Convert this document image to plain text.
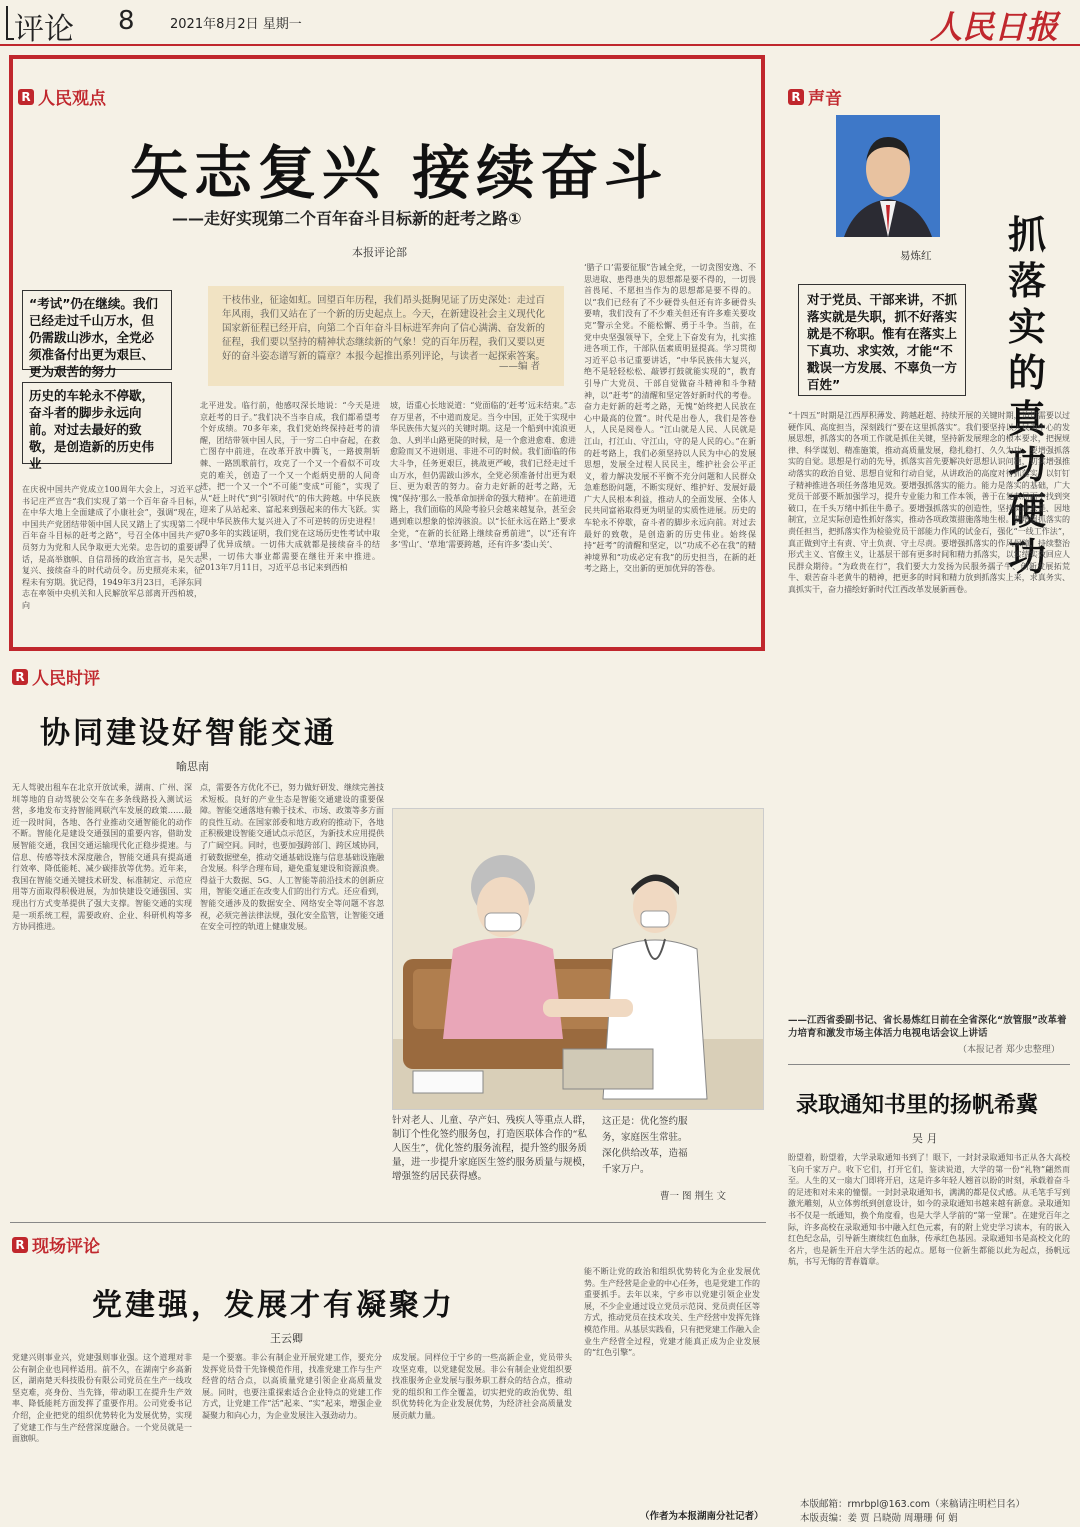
评论 8	2021年8月2日 星期一	人民日报
R 人民观点
矢志复兴 接续奋斗
——走好实现第二个百年奋斗目标新的赶考之路①
本报评论部
“考试”仍在继续。我们已经走过千山万水，但仍需跋山涉水，全党必须准备付出更为艰巨、更为艰苦的努力
历史的车轮永不停歇，奋斗者的脚步永远向前。对过去最好的致敬，是创造新的历史伟业
干枝伟业，征途如虹。回望百年历程，我们昂头挺胸见证了历史深处：走过百年风雨，我们又站在了一个新的历史起点上。今天，在新建设社会主义现代化国家新征程已经开启，向第二个百年奋斗目标进军奔向了信心满满、奋发新的征程，我们要以坚持的精神状态继续新的气象！党的百年历程，我们又要以更好的奋斗姿态谱写新的篇章？本报今起推出系列评论，与读者一起探索答案。
——编 者
在庆祝中国共产党成立100周年大会上，习近平总书记庄严宣告“我们实现了第一个百年奋斗目标，在中华大地上全面建成了小康社会”，强调“现在，中国共产党团结带领中国人民又踏上了实现第二个百年奋斗目标的赶考之路”，号召全体中国共产党员努力为党和人民争取更大光荣。忠告切的重要讲话，是高举旗帜、自信昂扬的政治宣言书，是矢志复兴、接续奋斗的时代动员令。历史照亮未来，征程未有穷期。犹记得，1949年3月23日，毛泽东同志在率领中央机关和人民解放军总部离开西柏坡，向
北平进发。临行前，他感叹深长地说：“今天是进京赶考的日子。”我们决不当李自成，我们都希望考个好成绩。70多年来，我们党始终保持赶考的清醒，团结带领中国人民，于一穷二白中奋起，在救亡图存中前进，在改革开放中腾飞，一路披荆斩棘、一路凯歌前行，攻克了一个又一个看似不可攻克的难关，创造了一个又一个彪炳史册的人间奇迹，把一个又一个“不可能”变成“可能”，实现了从“赶上时代”到“引领时代”的伟大跨越。中华民族迎来了从站起来、富起来到强起来的伟大飞跃。实现中华民族伟大复兴进入了不可逆转的历史进程！70多年的实践证明，我们党在这场历史性考试中取得了优异成绩。一切伟大成就都是接续奋斗的结果，一切伟大事业都需要在继往开来中推进。2013年7月11日，习近平总书记来到西柏
坡，语重心长地说道：“党面临的‘赶考’远未结束。”志存万里者，不中道而废足。当今中国，正处于实现中华民族伟大复兴的关键时期。这是一个船到中流浪更急、人到半山路更陡的时候，是一个愈进愈难、愈进愈险而又不进则退、非进不可的时候。我们面临的伟大斗争，任务更艰巨，挑战更严峻，我们已经走过千山万水，但仍需跋山涉水，全党必须准备付出更为艰巨、更为艰苦的努力。奋力走好新的赶考之路，无愧“保持‘那么一股革命加拼命的强大精神’。在前进道路上，我们面临的风险考验只会越来越复杂，甚至会遇到难以想象的惊涛骇浪。以“长征永远在路上”要求全党，“在新的长征路上继续奋勇前进”，以“还有许多‘雪山’、‘草地’需要跨越，还有许多‘娄山关’、
‘腊子口’需要征服”告诫全党，一切贪图安逸、不思进取、患得患失的思想都是要不得的，一切畏首畏尾、不愿担当作为的思想都是要不得的。以“我们已经有了不少硬骨头但还有许多硬骨头要啃，我们没有了不少难关但还有许多难关要攻克”警示全党。不能松懈、勇于斗争。当前，在党中央坚强领导下，全党上下奋发有为，扎实推进各项工作，干部队伍素质明显提高。学习贯彻习近平总书记重要讲话，“中华民族伟大复兴，绝不是轻轻松松、敲锣打鼓就能实现的”，教育引导广大党员、干部自觉做奋斗精神和斗争精神，以“赶考”的清醒和坚定答好新时代的考卷。奋力走好新的赶考之路，无愧“始终把人民放在心中最高的位置”。时代是出卷人，我们是答卷人，人民是阅卷人。“江山就是人民、人民就是江山，打江山、守江山，守的是人民的心。”在新的赶考路上，我们必须坚持以人民为中心的发展思想，发展全过程人民民主，维护社会公平正义，着力解决发展不平衡不充分问题和人民群众急难愁盼问题，不断实现好、维护好、发展好最广大人民根本利益，推动人的全面发展、全体人民共同富裕取得更为明显的实质性进展。历史的车轮永不停歇，奋斗者的脚步永远向前。对过去最好的致敬，是创造新的历史伟业。始终保持“赶考”的清醒和坚定，以“功成不必在我”的精神境界和“功成必定有我”的历史担当，在新的赶考之路上，交出新的更加优异的答卷。
R 声音
易炼红 抓落实的真功硬功
对于党员、干部来讲，不抓落实就是失职，抓不好落实就是不称职。惟有在落实上下真功、求实效，才能“不戳误一方发展、不辜负一方百姓”
“十四五”时期是江西厚积薄发、跨越赶超、持续开展的关键时期，迫切需要以过硬作风、高度担当，深刻践行“要在这里抓落实”。我们要坚持以人民为中心的发展思想，抓落实的各项工作就是抓住关键，坚持新发展理念的根本要求，把握规律、科学谋划、精准施策，推动高质量发展，稳扎稳打、久久为功。要增强抓落实的自觉。思想是行动的先导，抓落实首先要解决好思想认识问题，切实增强推动落实的政治自觉、思想自觉和行动自觉，从讲政治的高度对待抓落实，以钉钉子精神推进各项任务落地见效。要增强抓落实的能力。能力是落实的基础，广大党员干部要不断加强学习，提升专业能力和工作本领，善于在复杂局面中找到突破口，在千头万绪中抓住牛鼻子。要增强抓落实的创造性，坚持实事求是、因地制宜，立足实际创造性抓好落实，推动各项政策措施落地生根。要增强抓落实的责任担当，把抓落实作为检验党员干部能力作风的试金石，强化“一线工作法”，真正做到守土有责、守土负责、守土尽责。要增强抓落实的作风保障，持续整治形式主义、官僚主义，让基层干部有更多时间和精力抓落实，以实绩实效回应人民群众期待。“为政贵在行”，我们要大力发扬为民服务孺子牛、创新发展拓荒牛、艰苦奋斗老黄牛的精神，把更多的时间和精力放到抓落实上来，求真务实、真抓实干，奋力描绘好新时代江西改革发展新画卷。
——江西省委副书记、省长易炼红日前在全省深化“放管服”改革着力培育和激发市场主体活力电视电话会议上讲话
（本报记者 郑少忠整理）
R 人民时评
协同建设好智能交通
喻思南
无人驾驶出租车在北京开放试乘，湖南、广州、深圳等地的自动驾驶公交车在多条线路投入测试运营，多地发布支持智能网联汽车发展的政策……最近一段时间，各地、各行业推动交通智能化的动作不断。智能化是建设交通强国的重要内容，借助发展智能交通，我国交通运输现代化正稳步提速。与信息、传感等技术深度融合，智能交通具有提高通行效率、降低能耗、减少碳排放等优势。近年来，我国在智能交通关键技术研发、标准制定、示范应用等方面取得积极进展，为加快建设交通强国、实现出行方式变革提供了强大支撑。智能交通的实现是一项系统工程，需要政府、企业、科研机构等多方协同推进。
点，需要各方优化不已，努力做好研发、继续完善技术短板。良好的产业生态是智能交通建设的重要保障。智能交通落地有赖于技术、市场、政策等多方面的良性互动。在国家部委和地方政府的推动下，各地正积极建设智能交通试点示范区，为新技术应用提供了广阔空间。同时，也要加强跨部门、跨区域协同，打破数据壁垒，推动交通基础设施与信息基础设施融合发展。科学合理布局，避免重复建设和资源浪费。得益于大数据、5G、人工智能等前沿技术的创新应用，智能交通正在改变人们的出行方式。还应看到，智能交通涉及的数据安全、网络安全等问题不容忽视，必须完善法律法规，强化安全监管，让智能交通在安全可控的轨道上健康发展。
针对老人、儿童、孕产妇、残疾人等重点人群，制订个性化签约服务包，打造医联体合作的“私人医生”，优化签约服务流程，提升签约服务质量，进一步提升家庭医生签约服务质量与规模，增强签约居民获得感。
这正是：优化签约服务，家庭医生常驻。深化供给改革，造福千家万户。
曹一 图 荆生 文
R 现场评论
党建强，发展才有凝聚力
王云卿
党建兴则事业兴，党建强则事业强。这个道理对非公有制企业也同样适用。前不久，在湖南宁乡高新区，湖南楚天科技股份有限公司党员在生产一线攻坚克难，亮身份、当先锋，带动职工在提升生产效率、降低能耗方面发挥了重要作用。公司党委书记介绍，企业把党的组织优势转化为发展优势，实现了党建工作与生产经营深度融合。一个党员就是一面旗帜。
是一个要塞。非公有制企业开展党建工作，要充分发挥党员骨干先锋模范作用，找准党建工作与生产经营的结合点，以高质量党建引领企业高质量发展。同时，也要注重探索适合企业特点的党建工作方式，让党建工作“活”起来、“实”起来，增强企业凝聚力和向心力，为企业发展注入强劲动力。
成发展。同样位于宁乡的一些高新企业，党员带头攻坚克难，以党建促发展。非公有制企业党组织要找准服务企业发展与服务职工群众的结合点，推动党的组织和工作全覆盖，切实把党的政治优势、组织优势转化为企业发展优势，为经济社会高质量发展贡献力量。
能不断让党的政治和组织优势转化为企业发展优势。生产经营是企业的中心任务，也是党建工作的重要抓手。去年以来，宁乡市以党建引领企业发展，不少企业通过设立党员示范岗、党员责任区等方式，推动党员在技术攻关、生产经营中发挥先锋模范作用。从基层实践看，只有把党建工作融入企业生产经营全过程，党建才能真正成为企业发展的“红色引擎”。
（作者为本报湖南分社记者）
录取通知书里的扬帆希冀
吴 月
盼望着，盼望着，大学录取通知书到了！眼下，一封封录取通知书正从各大高校飞向千家万户。收下它们，打开它们，鉴读说道，大学的第一份“礼物”翩然而至。人生的又一扇大门即将开启，这是许多年轻人翘首以盼的时刻，承载着奋斗的足迹和对未来的憧憬。一封封录取通知书，满满的都是仪式感。从毛笔手写到激光雕刻，从立体剪纸到创意设计，如今的录取通知书越来越有新意。录取通知书不仅是一纸通知，换个角度看，也是大学人学前的“第一堂课”。在建党百年之际，许多高校在录取通知书中融入红色元素，有的附上党史学习读本，有的嵌入红色纪念品，引导新生赓续红色血脉，传承红色基因。录取通知书是高校文化的名片，也是新生开启大学生活的起点。愿每一位新生都能以此为起点，扬帆远航，书写无悔的青春篇章。
本版邮箱：rmrbpl@163.com（来稿请注明栏目名）
本版责编：姜 贾 吕晓勋 周珊珊 何 娟
